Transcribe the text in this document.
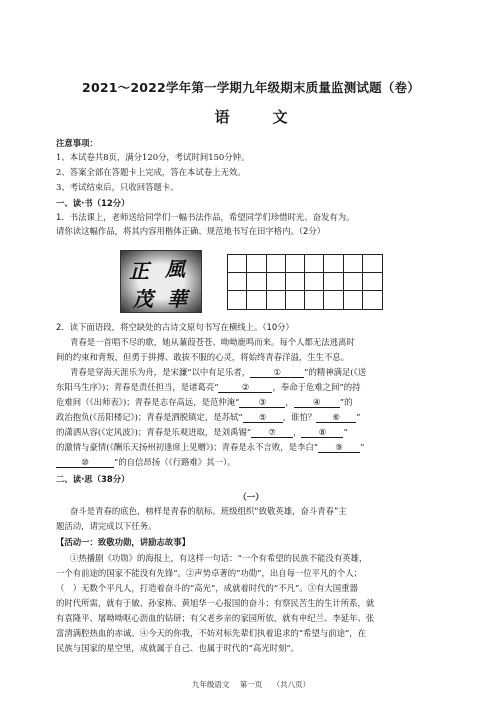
2021～2022学年第一学期九年级期末质量监测试题（卷）
语　文
注意事项：
1、本试卷共8页，满分120分，考试时间150分钟。
2、答案全部在答题卡上完成，答在本试卷上无效。
3、考试结束后，只收回答题卡。
一、读·书（12分）
1．书法课上，老师送给同学们一幅书法作品，希望同学们珍惜时光、奋发有为。
请你读这幅作品，将其内容用楷体正确、规范地书写在田字格内。（2分）
正 風
茂 華
2．读下面语段，将空缺处的古诗文原句书写在横线上。（10分）
青春是一首唱不尽的歌，她从蒹葭苍苍、呦呦鹿鸣而来。每个人都无法逃离时
间的约束和背叛，但勇于拼搏、敢拔不服的心灵，将始终青春洋溢，生生不息。
青春是穿海天涯乐为舟，是宋濂“以中有足乐者，	①	”的精神满足(《送
东阳马生序》)；青春是责任担当，是诸葛亮“	②	，奉命于危难之间”的持
危难间（《出师表》)；青春是志存高远，是范仲淹“ ③ ， ④ ”的
政治抱负(《岳阳楼记》)；青春是洒脱镇定，是苏轼“ ⑤ ，谁怕？ ⑥ ”
的潇洒从容(《定风波》)；青春是乐观进取，是刘禹锡“ ⑦ ， ⑧ ”
的激情与豪情(《酬乐天扬州初逢席上见赠》)；青春是永不言败，是李白“ ⑨ ”
⑩	”的自信昂扬（《行路难》其一）。
二、读·思（38分）
（一）
奋斗是青春的底色，榜样是青春的航标。班级组织“致敬英雄，奋斗青春”主
题活动，请完成以下任务。
【活动一：致敬功勋，讲励志故事】
①热播剧《功勋》的海报上，有这样一句话：“一个有希望的民族不能没有英雄，
一个有前途的国家不能没有先锋”。②声势卓著的“功勋”，出自每一位平凡的个人；
（　）无数个平凡人，打造着奋斗的“高光”，成就着时代的“不凡”。③有大国重器
的时代所需，就有于敏、孙家栋、黄旭华一心报国的奋斗；有察民苦生的生计所系，就
有袁隆平、屠呦呦呕心沥血的钻研；有父老乡亲的家园所依，就有申纪兰、李延年、张
富清满腔热血的赤诚。④今天的你我，不妨对标先辈们执着追求的“希望与前途”，在
民族与国家的星空里，成就属于自己、也属于时代的“高光时刻”。
九年级语文 第一页 （共八页）
